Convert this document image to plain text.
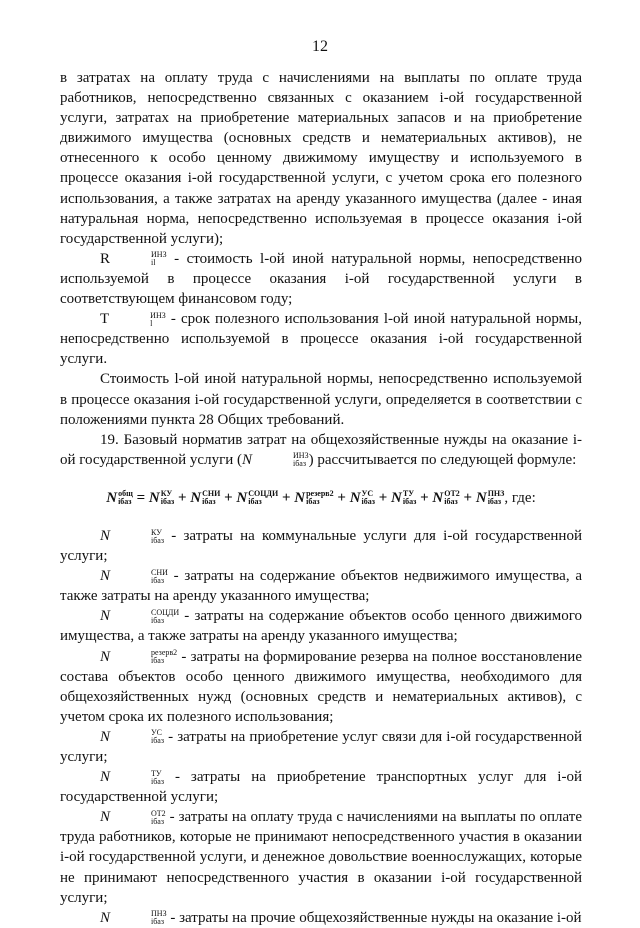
12

в затратах на оплату труда с начислениями на выплаты по оплате труда работников, непосредственно связанных с оказанием i-ой государственной услуги, затратах на приобретение материальных запасов и на приобретение движимого имущества (основных средств и нематериальных активов), не отнесенного к особо ценному движимому имуществу и используемого в процессе оказания i-ой государственной услуги, с учетом срока его полезного использования, а также затратах на аренду указанного имущества (далее - иная натуральная норма, непосредственно используемая в процессе оказания i-ой государственной услуги);

R	ИНЗ
il - стоимость l-ой иной натуральной нормы, непосредственно используемой в процессе оказания i-ой государственной услуги в соответствующем финансовом году;

T	ИНЗ
l - срок полезного использования l-ой иной натуральной нормы, непосредственно используемой в процессе оказания i-ой государственной услуги.

Стоимость l-ой иной натуральной нормы, непосредственно используемой в процессе оказания i-ой государственной услуги, определяется в соответствии с положениями пункта 28 Общих требований.

19. Базовый норматив затрат на общехозяйственные нужды на оказание i-ой государственной услуги (N	ИНЗ
iбаз ) рассчитывается по следующей формуле:

N общ
iбаз = N КУ
iбаз + N СНИ
iбаз + N СОЦДИ
iбаз	+ N резерв2
iбаз + N УС
iбаз + N ТУ
iбаз + N ОТ2
iбаз + N ПНЗ
iбаз , где:

N	КУ
iбаз - затраты на коммунальные услуги для i-ой государственной услуги;

N	СНИ
iбаз - затраты на содержание объектов недвижимого имущества, а также затраты на аренду указанного имущества;

N	СОЦДИ
iбаз	- затраты на содержание объектов особо ценного движимого имущества, а также затраты на аренду указанного имущества;

N	резерв2
iбаз - затраты на формирование резерва на полное восстановление состава объектов особо ценного движимого имущества, необходимого для общехозяйственных нужд (основных средств и нематериальных активов), с учетом срока их полезного использования;

N	УС
iбаз - затраты на приобретение услуг связи для i-ой государственной услуги;

N	ТУ
iбаз - затраты на приобретение транспортных услуг для i-ой государственной услуги;

N	ОТ2
iбаз - затраты на оплату труда с начислениями на выплаты по оплате труда работников, которые не принимают непосредственного участия в оказании i-ой государственной услуги, и денежное довольствие военнослужащих, которые не принимают непосредственного участия в оказании i-ой государственной услуги;

N	ПНЗ
iбаз - затраты на прочие общехозяйственные нужды на оказание i-ой
